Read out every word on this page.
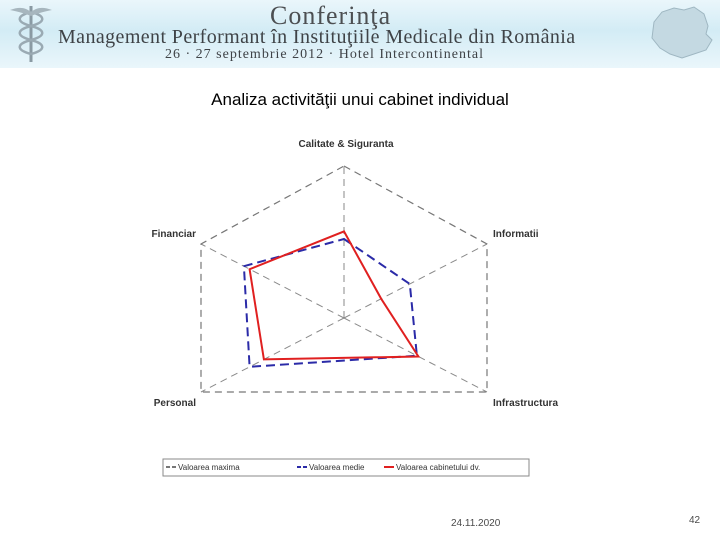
Conferinţa
Management Performant în Instituţiile Medicale din România
26 · 27 septembrie 2012 · Hotel Intercontinental
Analiza activităţii unui cabinet individual
Calitate & Siguranta
Informatii
Infrastructura
Personal
Financiar
Valoarea maxima	Valoarea medie	Valoarea cabinetului dv.
24.11.2020	42
